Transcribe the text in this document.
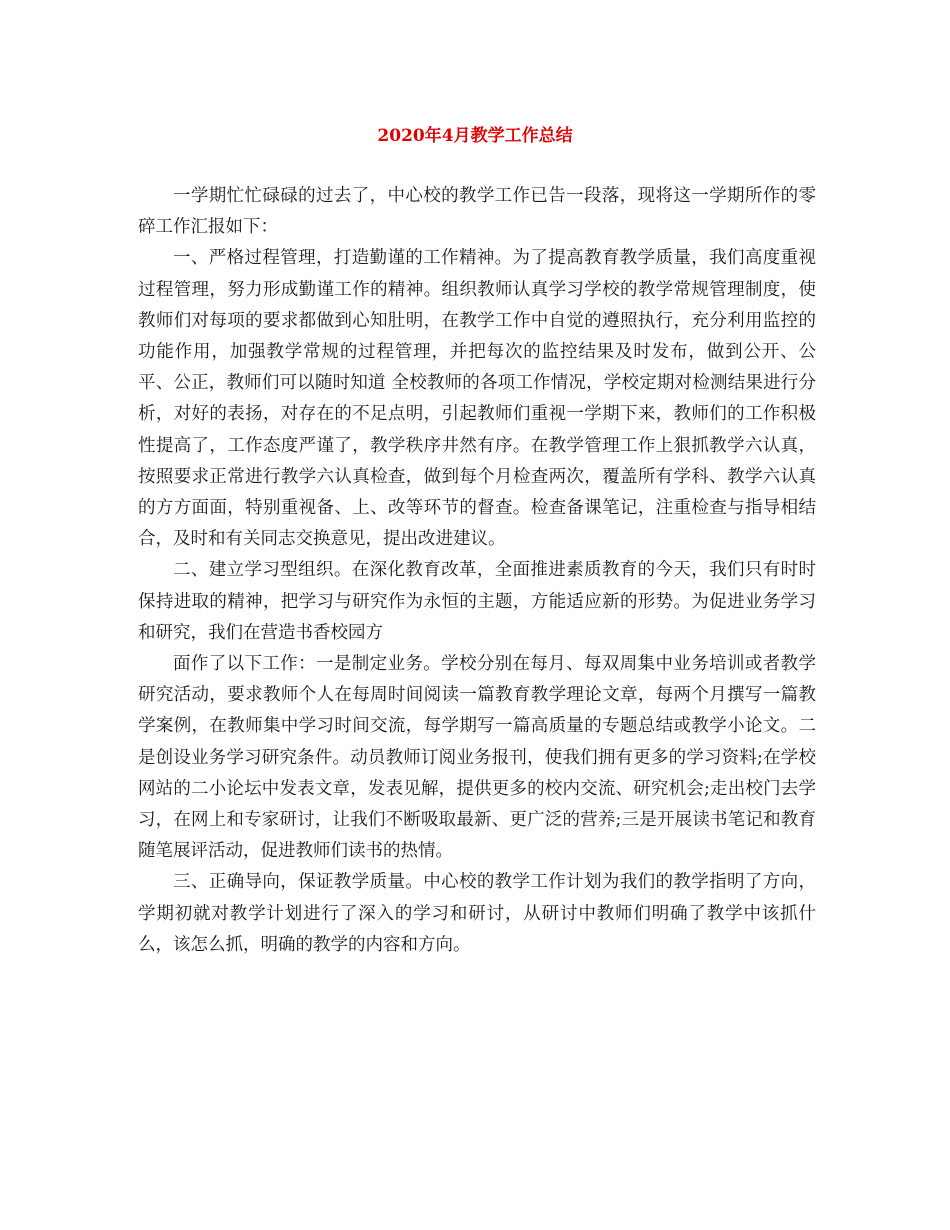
2020年4月教学工作总结

一学期忙忙碌碌的过去了，中心校的教学工作已告一段落，现将这一学期所作的零碎工作汇报如下：

一、严格过程管理，打造勤谨的工作精神。为了提高教育教学质量，我们高度重视过程管理，努力形成勤谨工作的精神。组织教师认真学习学校的教学常规管理制度，使教师们对每项的要求都做到心知肚明，在教学工作中自觉的遵照执行，充分利用监控的功能作用，加强教学常规的过程管理，并把每次的监控结果及时发布，做到公开、公平、公正，教师们可以随时知道 全校教师的各项工作情况，学校定期对检测结果进行分析，对好的表扬，对存在的不足点明，引起教师们重视一学期下来，教师们的工作积极性提高了，工作态度严谨了，教学秩序井然有序。在教学管理工作上狠抓教学六认真，按照要求正常进行教学六认真检查，做到每个月检查两次，覆盖所有学科、教学六认真的方方面面，特别重视备、上、改等环节的督查。检查备课笔记，注重检查与指导相结合，及时和有关同志交换意见，提出改进建议。

二、建立学习型组织。在深化教育改革，全面推进素质教育的今天，我们只有时时保持进取的精神，把学习与研究作为永恒的主题，方能适应新的形势。为促进业务学习和研究，我们在营造书香校园方

面作了以下工作：一是制定业务。学校分别在每月、每双周集中业务培训或者教学研究活动，要求教师个人在每周时间阅读一篇教育教学理论文章，每两个月撰写一篇教学案例，在教师集中学习时间交流，每学期写一篇高质量的专题总结或教学小论文。二是创设业务学习研究条件。动员教师订阅业务报刊，使我们拥有更多的学习资料;在学校网站的二小论坛中发表文章，发表见解，提供更多的校内交流、研究机会;走出校门去学习，在网上和专家研讨，让我们不断吸取最新、更广泛的营养;三是开展读书笔记和教育随笔展评活动，促进教师们读书的热情。

三、正确导向，保证教学质量。中心校的教学工作计划为我们的教学指明了方向，学期初就对教学计划进行了深入的学习和研讨，从研讨中教师们明确了教学中该抓什么，该怎么抓，明确的教学的内容和方向。
